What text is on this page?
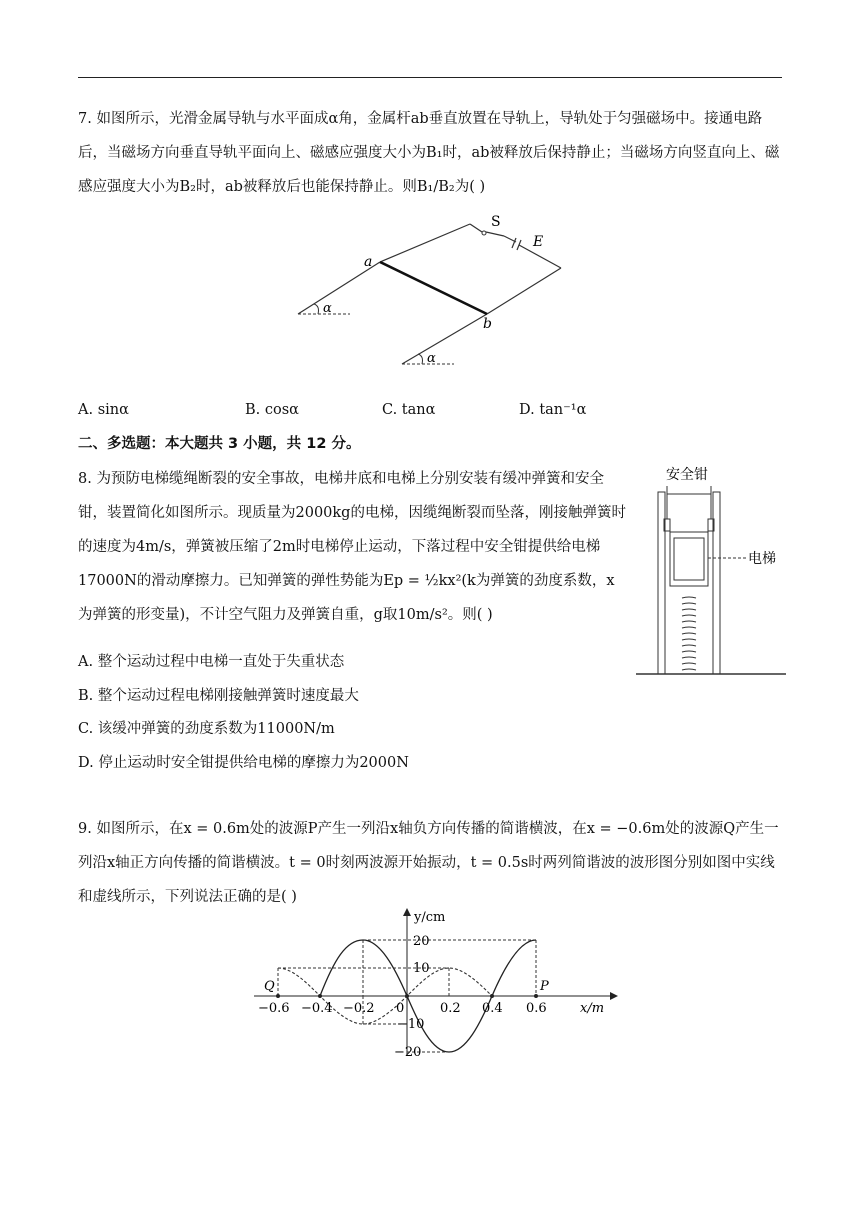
7. 如图所示，光滑金属导轨与水平面成α角，金属杆ab垂直放置在导轨上，导轨处于匀强磁场中。接通电路后，当磁场方向垂直导轨平面向上、磁感应强度大小为B₁时，ab被释放后保持静止；当磁场方向竖直向上、磁感应强度大小为B₂时，ab被释放后也能保持静止。则B₁/B₂为( )

a
b
S
E
α
α
A. sinα	B. cosα	C. tanα	D. tan⁻¹α
二、多选题：本大题共 3 小题，共 12 分。

8. 为预防电梯缆绳断裂的安全事故，电梯井底和电梯上分别安装有缓冲弹簧和安全钳，装置简化如图所示。现质量为2000kg的电梯，因缆绳断裂而坠落，刚接触弹簧时的速度为4m/s，弹簧被压缩了2m时电梯停止运动，下落过程中安全钳提供给电梯17000N的滑动摩擦力。已知弹簧的弹性势能为Ep = ½kx²(k为弹簧的劲度系数，x为弹簧的形变量)，不计空气阻力及弹簧自重，g取10m/s²。则( )

安全钳
电梯
A. 整个运动过程中电梯一直处于失重状态
B. 整个运动过程电梯刚接触弹簧时速度最大
C. 该缓冲弹簧的劲度系数为11000N/m
D. 停止运动时安全钳提供给电梯的摩擦力为2000N

9. 如图所示，在x = 0.6m处的波源P产生一列沿x轴负方向传播的简谐横波，在x = −0.6m处的波源Q产生一列沿x轴正方向传播的简谐横波。t = 0时刻两波源开始振动，t = 0.5s时两列简谐波的波形图分别如图中实线和虚线所示，下列说法正确的是( )

y/cm
x/m
Q	P
−0.6 −0.4 −0.2 0	0.2 0.4 0.6
20
10
−10
−20
